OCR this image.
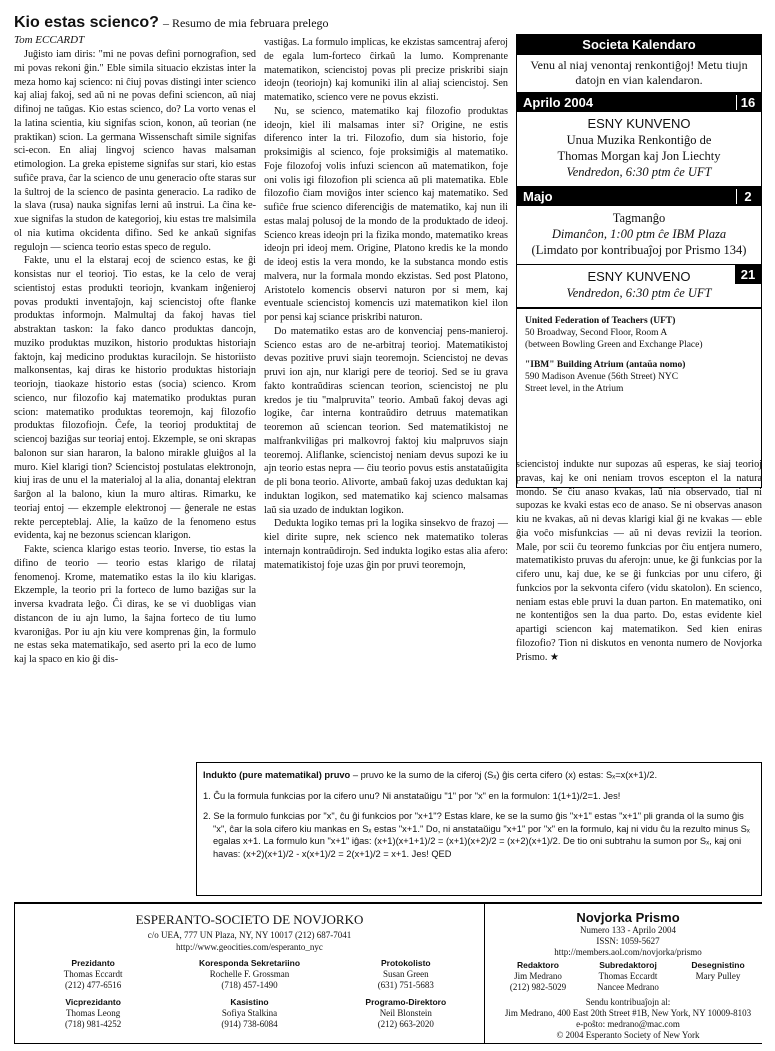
Kio estas scienco? – Resumo de mia februara prelego
Tom ECCARDT

Juĝisto iam diris: "mi ne povas defini pornografion, sed mi povas rekoni ĝin." Eble simila situacio ekzistas inter la meza homo kaj scienco: ni ĉiuj povas distingi inter scienco kaj aliaj fakoj, sed aŭ ni ne povas defini sciencon, aŭ niaj difinoj ne taŭgas. Kio estas scienco, do? La vorto venas el la latina scientia, kiu signifas scion, konon, aŭ teorian (ne praktikan) scion. La germana Wissenschaft simile signifas sci-econ. En aliaj lingvoj scienco havas malsaman etimologion. La greka episteme signifas sur stari, kio estas sufiĉe prava, ĉar la scienco de unu generacio ofte staras sur la ŝultroj de la scienco de pasinta generacio. La radiko de la slava (rusa) nauka signifas lerni aŭ instrui. La ĉina ke-xue signifas la studon de kategorioj, kiu estas tre malsimila ol nia kutima okcidenta difino. Sed ke ankaŭ signifas regulojn — scienca teorio estas speco de regulo.

Fakte, unu el la elstaraj ecoj de scienco estas, ke ĝi konsistas nur el teorioj. Tio estas, ke la celo de veraj scientistoj estas produkti teoriojn, kvankam inĝenieroj povas produkti inventaĵojn, kaj sciencistoj ofte flanke produktas informojn. Malmultaj da fakoj havas tiel abstraktan taskon: la fako danco produktas dancojn, muziko produktas muzikon, historio produktas historiajn faktojn, kaj medicino produktas kuracilojn. Se historiisto malkonsentas, kaj diras ke historio produktas historiajn teoriojn, tiaokaze historio estas (socia) scienco. Krom scienco, nur filozofio kaj matematiko produktas puran scion: matematiko produktas teoremojn, kaj filozofio produktas filozofiojn. Ĉefe, la teorioj produktitaj de sciencoj baziĝas sur teoriaj entoj. Ekzemple, se oni skrapas balonon sur sian hararon, la balono mirakle gluiĝos al la muro. Kiel klarigi tion? Sciencistoj postulatas elektronojn, kiuj iras de unu el la materialoj al la alia, donantaj elektran ŝarĝon al la balono, kiun la muro altiras. Rimarku, ke teoriaj entoj — ekzemple elektronoj — ĝenerale ne estas rekte percepteblaj. Alie, la kaŭzo de la fenomeno estus evidenta, kaj ne bezonus sciencan klarigon.

Fakte, scienca klarigo estas teorio. Inverse, tio estas la difino de teorio — teorio estas klarigo de rilataj fenomenoj. Krome, matematiko estas la ilo kiu klarigas. Ekzemple, la teorio pri la forteco de lumo baziĝas sur la inversa kvadrata leĝo. Ĉi diras, ke se vi duobligas vian distancon de iu ajn lumo, la ŝajna forteco de tiu lumo kvaroniĝas. Por iu ajn kiu vere komprenas ĝin, la formulo ne estas seka matematikaĵo, sed aserto pri la eco de lumo kaj la spaco en kio ĝi dis-

vastiĝas. La formulo implicas, ke ekzistas samcentraj aferoj de egala lum-forteco ĉirkaŭ la lumo. Komprenante matematikon, sciencistoj povas pli precize priskribi siajn ideojn (teoriojn) kaj komuniki ilin al aliaj sciencistoj. Sen matematiko, scienco vere ne povus ekzisti.

Nu, se scienco, matematiko kaj filozofio produktas ideojn, kiel ili malsamas inter si? Origine, ne estis diferenco inter la tri. Filozofio, dum sia historio, foje proksimiĝis al scienco, foje proksimiĝis al matematiko. Foje filozofoj volis infuzi sciencon aŭ matematikon, foje oni volis igi filozofion pli scienca aŭ pli matematika. Eble filozofio ĉiam moviĝos inter scienco kaj matematiko. Sed sufiĉe frue scienco diferenciĝis de matematiko, kaj nun ili estas malaj polusoj de la mondo de la produktado de ideoj. Scienco kreas ideojn pri la fizika mondo, matematiko kreas ideojn pri ideoj mem. Origine, Platono kredis ke la mondo de ideoj estis la vera mondo, ke la substanca mondo estis malvera, nur la formala mondo ekzistas. Sed post Platono, Aristotelo komencis observi naturon por si mem, kaj eventuale sciencistoj komencis uzi matematikon kiel ilon por pensi kaj sciance priskribi naturon.

Do matematiko estas aro de konvenciaj pens-manieroj. Scienco estas aro de ne-arbitraj teorioj. Matematikistoj devas pozitive pruvi siajn teoremojn. Sciencistoj ne devas pruvi ion ajn, nur klarigi pere de teorioj. Sed se iu grava fakto kontraŭdiras sciencan teorion, sciencistoj ne plu kredos je tiu "malpruvita" teorio. Ambaŭ fakoj devas agi logike, ĉar interna kontraŭdiro detruus matematikan teoremon aŭ sciencan teorion. Sed matematikistoj ne malfrankviliĝas pri malkovroj faktoj kiu malpruvos siajn teoremoj. Aliflanke, sciencistoj neniam devus supozi ke iu ajn teorio estas nepra — ĉiu teorio povus estis anstataŭigita de pli bona teorio. Alivorte, ambaŭ fakoj uzas deduktan kaj induktan logikon, sed matematiko kaj scienco malsamas laŭ sia uzado de induktan logikon.

Dedukta logiko temas pri la logika sinsekvo de frazoj — kiel dirite supre, nek scienco nek matematiko toleras internajn kontraŭdirojn. Sed indukta logiko estas alia afero: matematikistoj foje uzas ĝin por pruvi teoremojn,

Societa Kalendaro
Venu al niaj venontaj renkontiĝoj! Metu tiujn datojn en vian kalendaron.
Aprilo 2004	16
ESNY KUNVENO
Unua Muzika Renkontiĝo de
Thomas Morgan kaj Jon Liechty
Vendredon, 6:30 ptm ĉe UFT
Majo	2
Tagmanĝo
Dimanĉon, 1:00 ptm ĉe IBM Plaza
(Limdato por kontribuaĵoj por Prismo 134)
21
ESNY KUNVENO
Vendredon, 6:30 ptm ĉe UFT
United Federation of Teachers (UFT)
50 Broadway, Second Floor, Room A
(between Bowling Green and Exchange Place)
"IBM" Building Atrium (antaŭa nomo)
590 Madison Avenue (56th Street) NYC
Street level, in the Atrium

sciencistoj indukte nur supozas aŭ esperas, ke siaj teorioj pravas, kaj ke oni neniam trovos escepton el la natura mondo. Se ĉiu anaso kvakas, laŭ nia observado, tial ni supozas ke kvaki estas eco de anaso. Se ni observas anason kiu ne kvakas, aŭ ni devas klarigi kial ĝi ne kvakas — eble ĝia voĉo misfunkcias — aŭ ni devas revizii la teorion. Male, por scii ĉu teoremo funkcias por ĉiu entjera numero, matematikisto pruvas du aferojn: unue, ke ĝi funkcias por la cifero unu, kaj due, ke se ĝi funkcias por unu cifero, ĝi funkcios por la sekvonta cifero (vidu skatolon). En scienco, neniam estas eble pruvi la duan parton. En matematiko, oni ne kontentiĝos sen la dua parto. Do, estas evidente kiel apartigi sciencon kaj matematikon. Sed kien eniras filozofio? Tion ni diskutos en venonta numero de Novjorka Prismo. ★

Indukto (pure matematikal) pruvo – pruvo ke la sumo de la ciferoj (Sₓ) ĝis certa cifero (x) estas: Sₓ=x(x+1)/2.
1. Ĉu la formula funkcias por la cifero unu? Ni anstataŭigu "1" por "x" en la formulon: 1(1+1)/2=1. Jes!
2. Se la formulo funkcias por "x", ĉu ĝi funkcios por "x+1"? Estas klare, ke se la sumo ĝis "x+1" estas "x+1" pli granda ol la sumo ĝis "x", ĉar la sola cifero kiu mankas en Sₓ estas "x+1." Do, ni anstataŭigu "x+1" por "x" en la formulo, kaj ni vidu ĉu la rezulto minus Sₓ egalas x+1. La formulo kun "x+1" iĝas: (x+1)(x+1+1)/2 = (x+1)(x+2)/2 = (x+2)(x+1)/2. De tio oni subtrahu la sumon por Sₓ, kaj oni havas: (x+2)(x+1)/2 - x(x+1)/2 = 2(x+1)/2 = x+1. Jes! QED
ESPERANTO-SOCIETO DE NOVJORKO
c/o UEA, 777 UN Plaza, NY, NY 10017 (212) 687-7041
http://www.geocities.com/esperanto_nyc
Prezidanto
Thomas Eccardt
(212) 477-6516
Korespondа Sekretariino
Rochelle F. Grossman
(718) 457-1490
Protokolisto
Susan Green
(631) 751-5683
Vicprezidanto
Thomas Leong
(718) 981-4252
Kasistino
Sofiya Stalkina
(914) 738-6084
Programo-Direktoro
Neil Blonstein
(212) 663-2020
Novjorka Prismo
Numero 133 - Aprilo 2004
ISSN: 1059-5627
http://members.aol.com/novjorka/prismo
Redaktoro
Jim Medrano
(212) 982-5029
Subredaktoroj
Thomas Eccardt
Nancee Medrano
Desegnistino
Mary Pulley
Sendu kontribuaĵojn al:
Jim Medrano, 400 East 20th Street #1B, New York, NY 10009-8103
e-poŝto: medrano@mac.com
© 2004 Esperanto Society of New York
